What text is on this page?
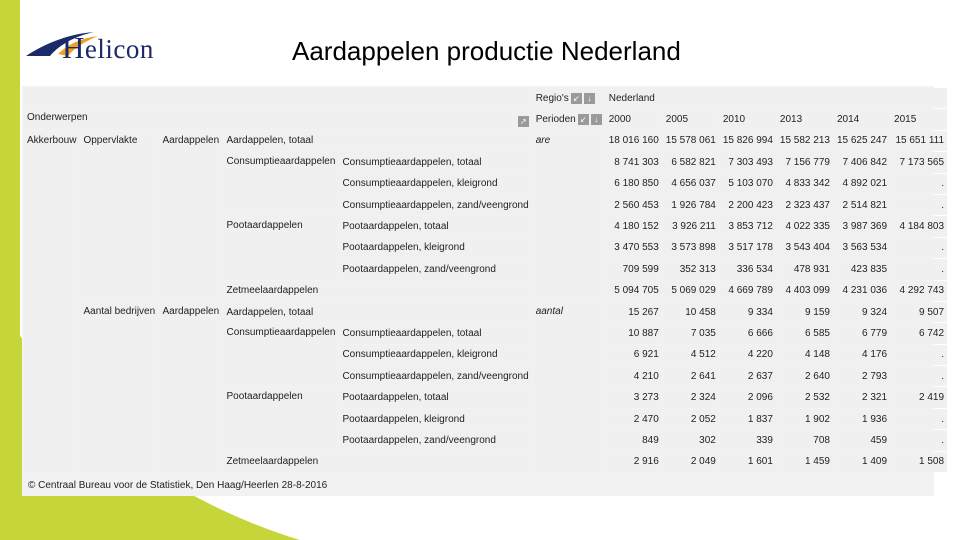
Helicon	Aardappelen productie Nederland
					Regio's ↙ ↓	Nederland					
Onderwerpen ↗					Perioden ↙ ↓	2000	2005	2010	2013	2014	2015
Akkerbouw	Oppervlakte	Aardappelen	Aardappelen, totaal		are	18 016 160	15 578 061	15 826 994	15 582 213	15 625 247	15 651 111
			Consumptieaardappelen	Consumptieaardappelen, totaal		8 741 303	6 582 821	7 303 493	7 156 779	7 406 842	7 173 565
				Consumptieaardappelen, kleigrond		6 180 850	4 656 037	5 103 070	4 833 342	4 892 021	.
				Consumptieaardappelen, zand/veengrond		2 560 453	1 926 784	2 200 423	2 323 437	2 514 821	.
			Pootaardappelen	Pootaardappelen, totaal		4 180 152	3 926 211	3 853 712	4 022 335	3 987 369	4 184 803
				Pootaardappelen, kleigrond		3 470 553	3 573 898	3 517 178	3 543 404	3 563 534	.
				Pootaardappelen, zand/veengrond		709 599	352 313	336 534	478 931	423 835	.
			Zetmeelaardappelen			5 094 705	5 069 029	4 669 789	4 403 099	4 231 036	4 292 743
	Aantal bedrijven	Aardappelen	Aardappelen, totaal		aantal	15 267	10 458	9 334	9 159	9 324	9 507
			Consumptieaardappelen	Consumptieaardappelen, totaal		10 887	7 035	6 666	6 585	6 779	6 742
				Consumptieaardappelen, kleigrond		6 921	4 512	4 220	4 148	4 176	.
				Consumptieaardappelen, zand/veengrond		4 210	2 641	2 637	2 640	2 793	.
			Pootaardappelen	Pootaardappelen, totaal		3 273	2 324	2 096	2 532	2 321	2 419
				Pootaardappelen, kleigrond		2 470	2 052	1 837	1 902	1 936	.
				Pootaardappelen, zand/veengrond		849	302	339	708	459	.
			Zetmeelaardappelen			2 916	2 049	1 601	1 459	1 409	1 508
© Centraal Bureau voor de Statistiek, Den Haag/Heerlen 28-8-2016
